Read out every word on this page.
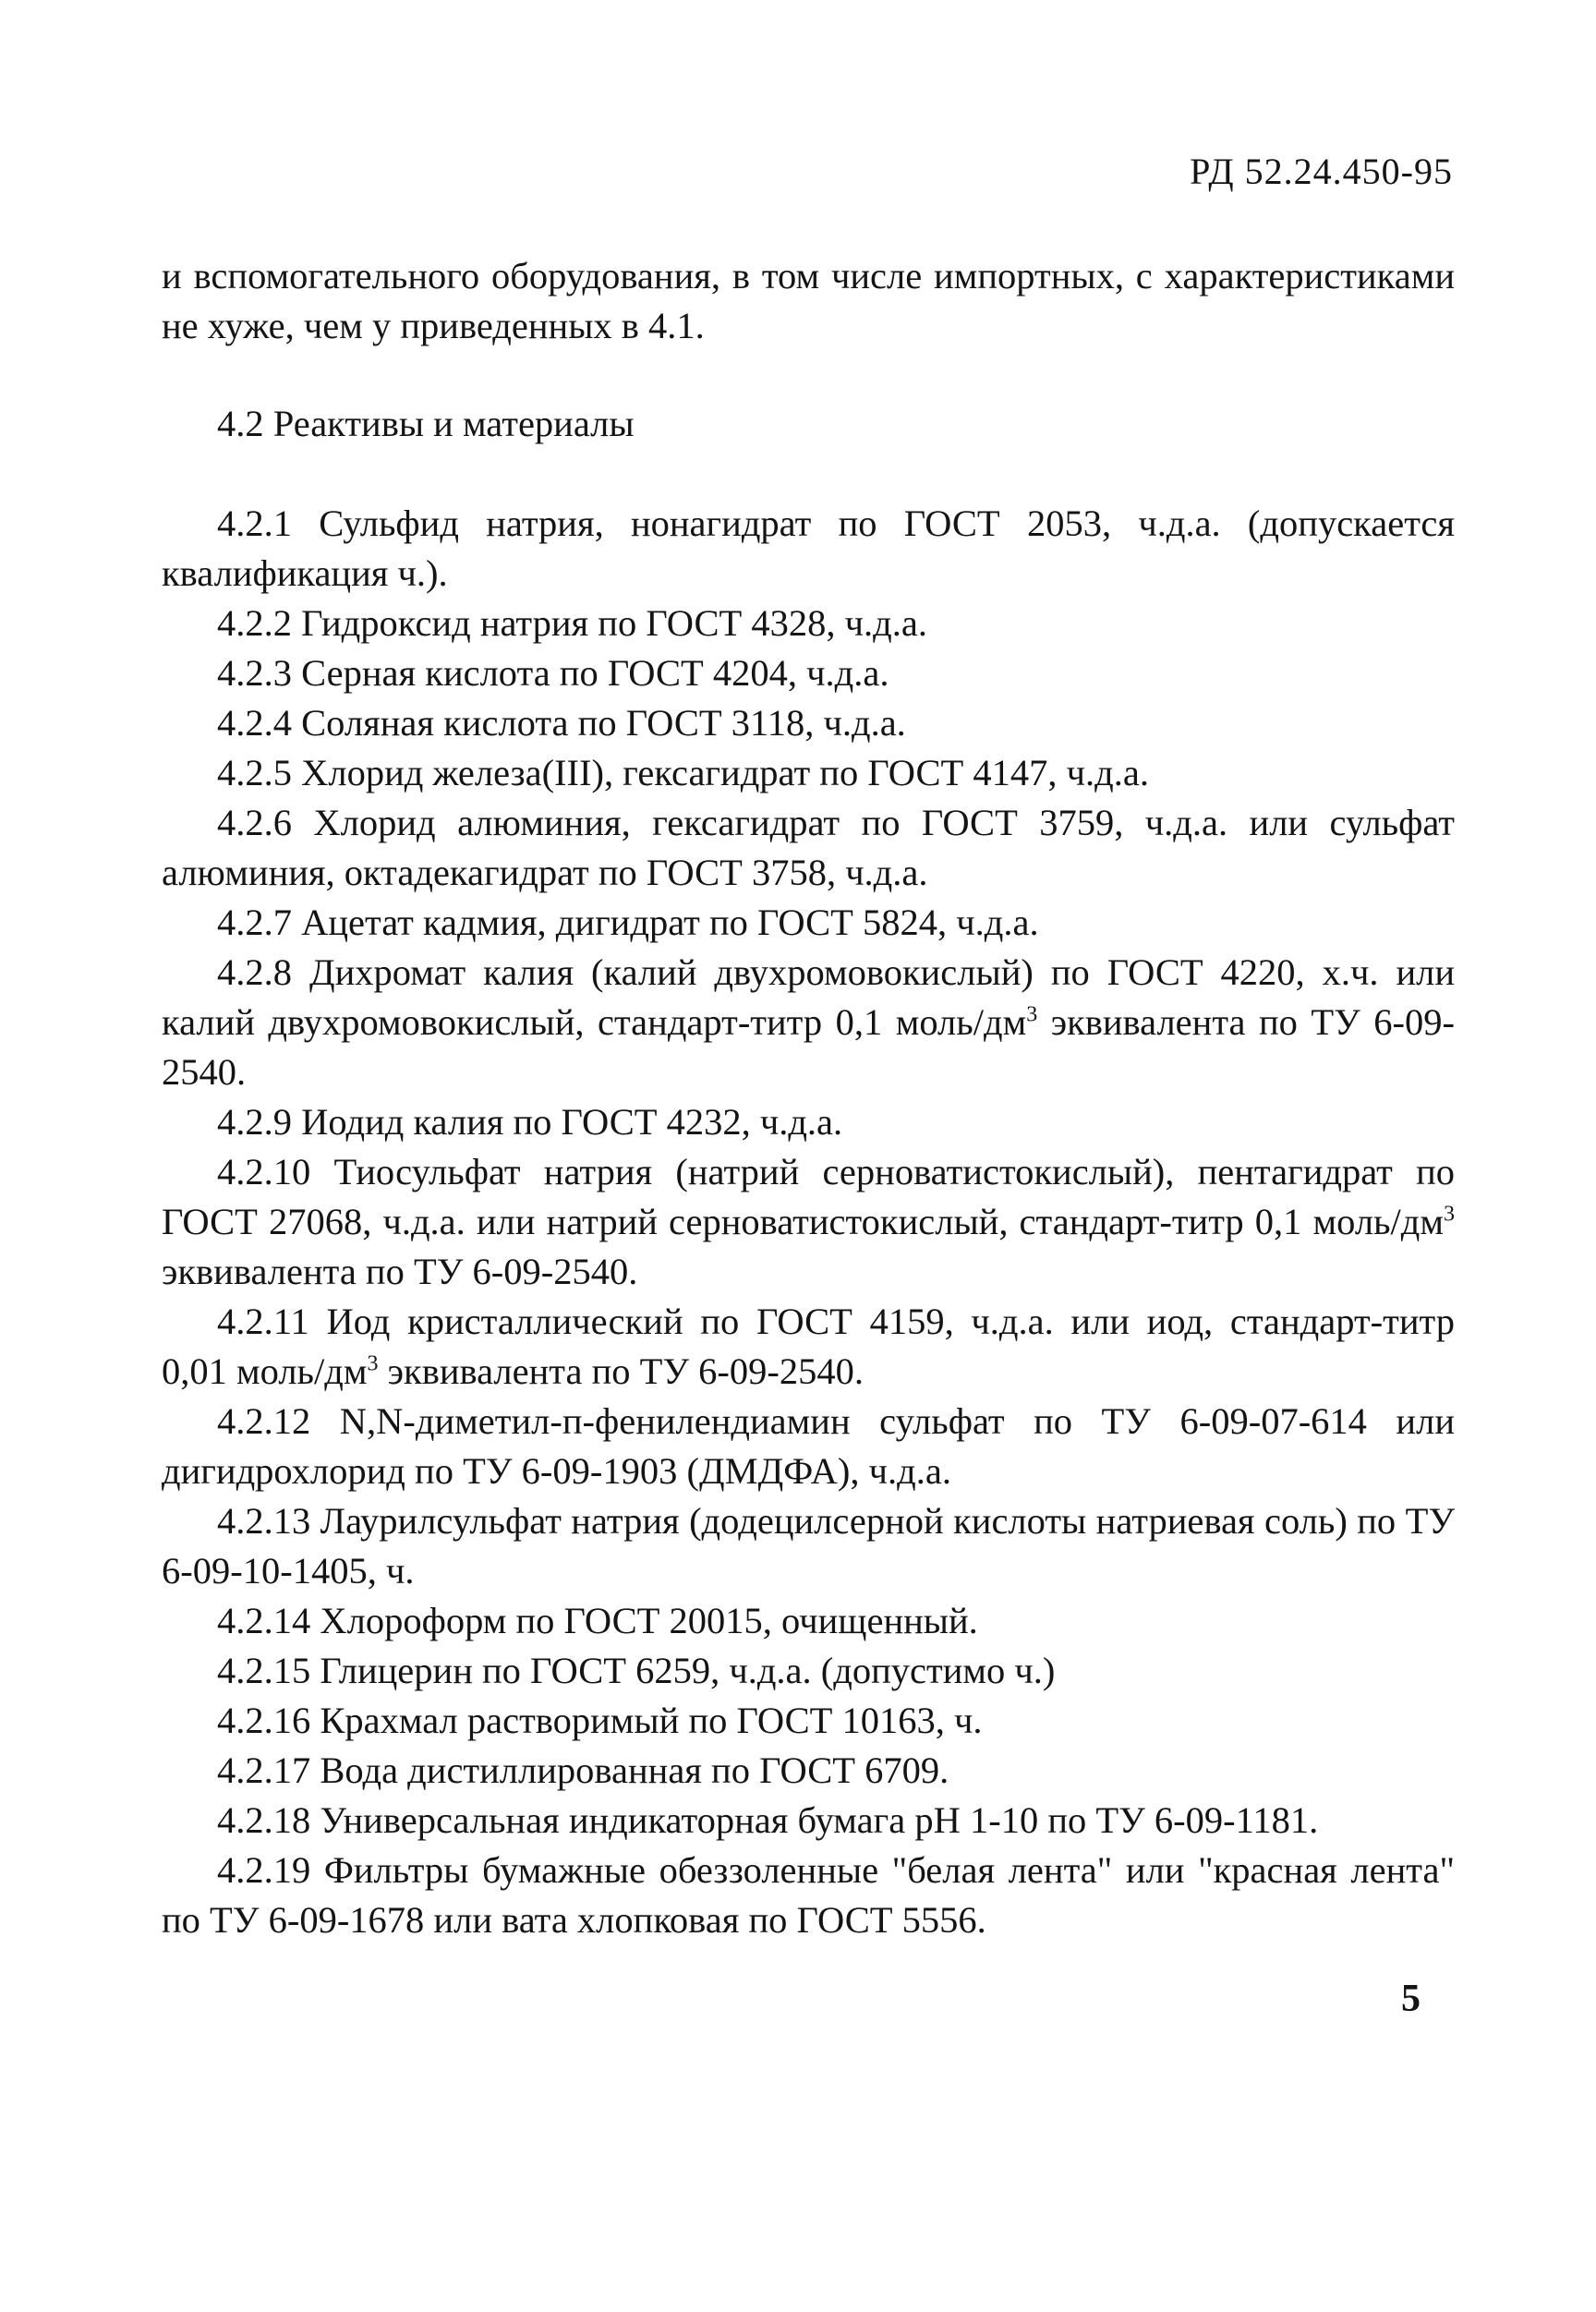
РД 52.24.450-95

и вспомогательного оборудования, в том числе импортных, с характеристиками не хуже, чем у приведенных в 4.1.

4.2 Реактивы и материалы

4.2.1 Сульфид натрия, нонагидрат по ГОСТ 2053, ч.д.а. (допускается квалификация ч.).

4.2.2 Гидроксид натрия по ГОСТ 4328, ч.д.а.

4.2.3 Серная кислота по ГОСТ 4204, ч.д.а.

4.2.4 Соляная кислота по ГОСТ 3118, ч.д.а.

4.2.5 Хлорид железа(III), гексагидрат по ГОСТ 4147, ч.д.а.

4.2.6 Хлорид алюминия, гексагидрат по ГОСТ 3759, ч.д.а. или сульфат алюминия, октадекагидрат по ГОСТ 3758, ч.д.а.

4.2.7 Ацетат кадмия, дигидрат по ГОСТ 5824, ч.д.а.

4.2.8 Дихромат калия (калий двухромовокислый) по ГОСТ 4220, х.ч. или калий двухромовокислый, стандарт-титр 0,1 моль/$дм^3$ эквивалента по ТУ 6-09-2540.

4.2.9 Иодид калия по ГОСТ 4232, ч.д.а.

4.2.10 Тиосульфат натрия (натрий серноватистокислый), пентагидрат по ГОСТ 27068, ч.д.а. или натрий серноватистокислый, стандарт-титр 0,1 моль/$дм^3$ эквивалента по ТУ 6-09-2540.

4.2.11 Иод кристаллический по ГОСТ 4159, ч.д.а. или иод, стандарт-титр 0,01 моль/$дм^3$ эквивалента по ТУ 6-09-2540.

4.2.12 N,N-диметил-п-фенилендиамин сульфат по ТУ 6-09-07-614 или дигидрохлорид по ТУ 6-09-1903 (ДМДФА), ч.д.а.

4.2.13 Лаурилсульфат натрия (додецилсерной кислоты натриевая соль) по ТУ 6-09-10-1405, ч.

4.2.14 Хлороформ по ГОСТ 20015, очищенный.

4.2.15 Глицерин по ГОСТ 6259, ч.д.а. (допустимо ч.)

4.2.16 Крахмал растворимый по ГОСТ 10163, ч.

4.2.17 Вода дистиллированная по ГОСТ 6709.

4.2.18 Универсальная индикаторная бумага рН 1-10 по ТУ 6-09-1181.

4.2.19 Фильтры бумажные обеззоленные "белая лента" или "красная лента" по ТУ 6-09-1678 или вата хлопковая по ГОСТ 5556.

5
